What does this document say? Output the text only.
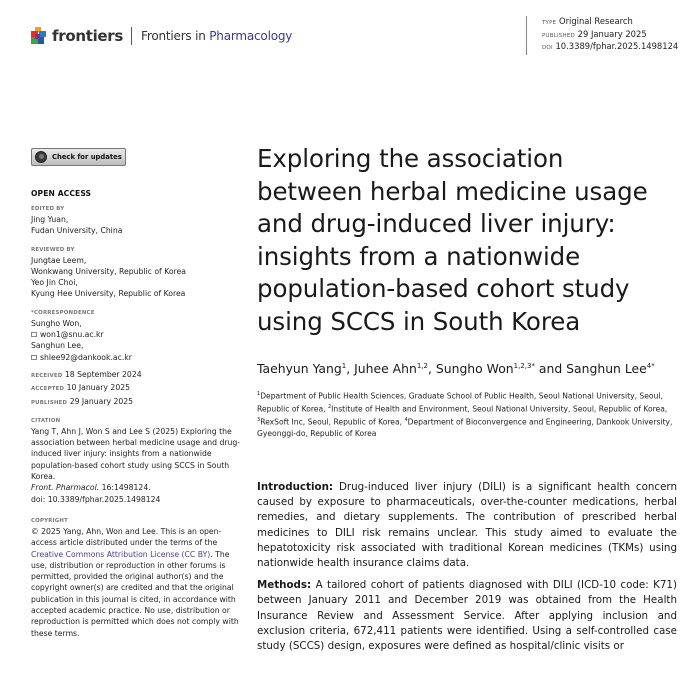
frontiers Frontiers in Pharmacology
TYPE Original Research
PUBLISHED 29 January 2025
DOI 10.3389/fphar.2025.1498124
Check for updates
OPEN ACCESS
EDITED BY
Jing Yuan,
Fudan University, China
REVIEWED BY
Jungtae Leem,
Wonkwang University, Republic of Korea
Yeo Jin Choi,
Kyung Hee University, Republic of Korea
*CORRESPONDENCE
Sungho Won,
won1@snu.ac.kr
Sanghun Lee,
shlee92@dankook.ac.kr
RECEIVED 18 September 2024
ACCEPTED 10 January 2025
PUBLISHED 29 January 2025
CITATION
Yang T, Ahn J, Won S and Lee S (2025) Exploring the association between herbal medicine usage and drug-induced liver injury: insights from a nationwide population-based cohort study using SCCS in South Korea.
Front. Pharmacol. 16:1498124.
doi: 10.3389/fphar.2025.1498124
COPYRIGHT
© 2025 Yang, Ahn, Won and Lee. This is an open-access article distributed under the terms of the Creative Commons Attribution License (CC BY). The use, distribution or reproduction in other forums is permitted, provided the original author(s) and the copyright owner(s) are credited and that the original publication in this journal is cited, in accordance with accepted academic practice. No use, distribution or reproduction is permitted which does not comply with these terms.
Exploring the association between herbal medicine usage and drug-induced liver injury: insights from a nationwide population-based cohort study using SCCS in South Korea
Taehyun Yang$^1$, Juhee Ahn$^{1,2}$, Sungho Won$^{1,2,3*}$ and Sanghun Lee$^{4*}$
$^1$Department of Public Health Sciences, Graduate School of Public Health, Seoul National University, Seoul, Republic of Korea, $^2$Institute of Health and Environment, Seoul National University, Seoul, Republic of Korea, $^3$RexSoft Inc, Seoul, Republic of Korea, $^4$Department of Bioconvergence and Engineering, Dankook University, Gyeonggi-do, Republic of Korea

Introduction: Drug-induced liver injury (DILI) is a significant health concern caused by exposure to pharmaceuticals, over-the-counter medications, herbal remedies, and dietary supplements. The contribution of prescribed herbal medicines to DILI risk remains unclear. This study aimed to evaluate the hepatotoxicity risk associated with traditional Korean medicines (TKMs) using nationwide health insurance claims data.

Methods: A tailored cohort of patients diagnosed with DILI (ICD-10 code: K71) between January 2011 and December 2019 was obtained from the Health Insurance Review and Assessment Service. After applying inclusion and exclusion criteria, 672,411 patients were identified. Using a self-controlled case study (SCCS) design, exposures were defined as hospital/clinic visits or
